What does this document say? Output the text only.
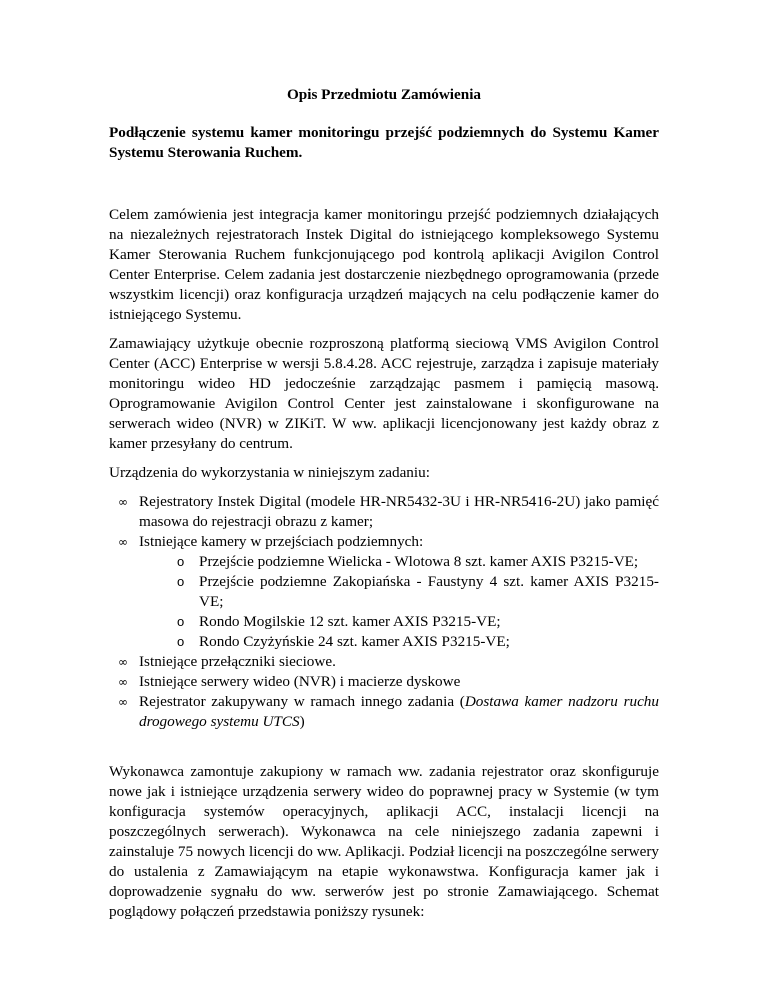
Opis Przedmiotu Zamówienia
Podłączenie systemu kamer monitoringu przejść podziemnych do Systemu Kamer Systemu Sterowania Ruchem.

Celem zamówienia jest integracja kamer monitoringu przejść podziemnych działających na niezależnych rejestratorach Instek Digital do istniejącego kompleksowego Systemu Kamer Sterowania Ruchem funkcjonującego pod kontrolą aplikacji Avigilon Control Center Enterprise. Celem zadania jest dostarczenie niezbędnego oprogramowania (przede wszystkim licencji) oraz konfiguracja urządzeń mających na celu podłączenie kamer do istniejącego Systemu.

Zamawiający użytkuje obecnie rozproszoną platformą sieciową VMS Avigilon Control Center (ACC) Enterprise w wersji 5.8.4.28. ACC rejestruje, zarządza i zapisuje materiały monitoringu wideo HD jedocześnie zarządzając pasmem i pamięcią masową. Oprogramowanie Avigilon Control Center jest zainstalowane i skonfigurowane na serwerach wideo (NVR) w ZIKiT. W ww. aplikacji licencjonowany jest każdy obraz z kamer przesyłany do centrum.

Urządzenia do wykorzystania w niniejszym zadaniu:

∞ Rejestratory Instek Digital (modele HR-NR5432-3U i HR-NR5416-2U) jako pamięć masowa do rejestracji obrazu z kamer;
∞ Istniejące kamery w przejściach podziemnych:
o Przejście podziemne Wielicka - Wlotowa 8 szt. kamer AXIS P3215-VE;
o Przejście podziemne Zakopiańska - Faustyny 4 szt. kamer AXIS P3215-VE;
o Rondo Mogilskie 12 szt. kamer AXIS P3215-VE;
o Rondo Czyżyńskie 24 szt. kamer AXIS P3215-VE;
∞ Istniejące przełączniki sieciowe.
∞ Istniejące serwery wideo (NVR) i macierze dyskowe
∞ Rejestrator zakupywany w ramach innego zadania (Dostawa kamer nadzoru ruchu drogowego systemu UTCS)

Wykonawca zamontuje zakupiony w ramach ww. zadania rejestrator oraz skonfiguruje nowe jak i istniejące urządzenia serwery wideo do poprawnej pracy w Systemie (w tym konfiguracja systemów operacyjnych, aplikacji ACC, instalacji licencji na poszczególnych serwerach). Wykonawca na cele niniejszego zadania zapewni i zainstaluje 75 nowych licencji do ww. Aplikacji. Podział licencji na poszczególne serwery do ustalenia z Zamawiającym na etapie wykonawstwa. Konfiguracja kamer jak i doprowadzenie sygnału do ww. serwerów jest po stronie Zamawiającego. Schemat poglądowy połączeń przedstawia poniższy rysunek:
